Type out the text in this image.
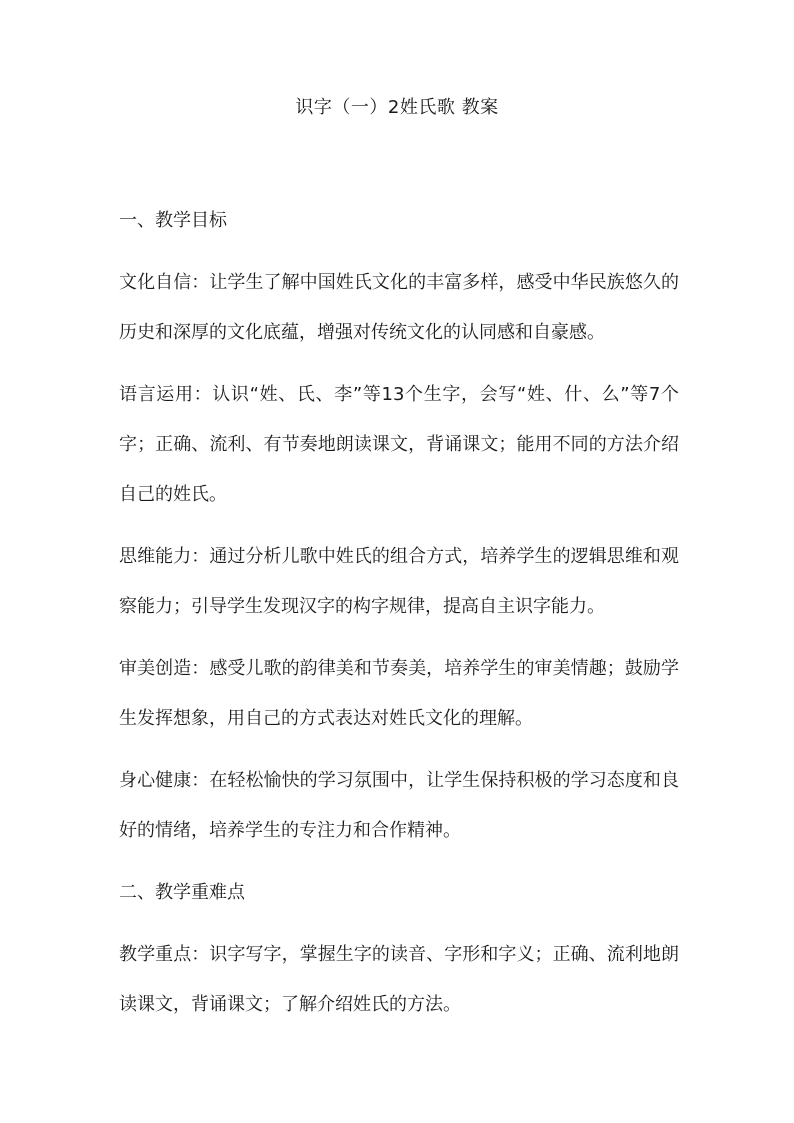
识字（一）2姓氏歌 教案
一、教学目标
文化自信：让学生了解中国姓氏文化的丰富多样，感受中华民族悠久的历史和深厚的文化底蕴，增强对传统文化的认同感和自豪感。
语言运用：认识“姓、氏、李”等13个生字，会写“姓、什、么”等7个字；正确、流利、有节奏地朗读课文，背诵课文；能用不同的方法介绍自己的姓氏。
思维能力：通过分析儿歌中姓氏的组合方式，培养学生的逻辑思维和观察能力；引导学生发现汉字的构字规律，提高自主识字能力。
审美创造：感受儿歌的韵律美和节奏美，培养学生的审美情趣；鼓励学生发挥想象，用自己的方式表达对姓氏文化的理解。
身心健康：在轻松愉快的学习氛围中，让学生保持积极的学习态度和良好的情绪，培养学生的专注力和合作精神。
二、教学重难点
教学重点：识字写字，掌握生字的读音、字形和字义；正确、流利地朗读课文，背诵课文；了解介绍姓氏的方法。
